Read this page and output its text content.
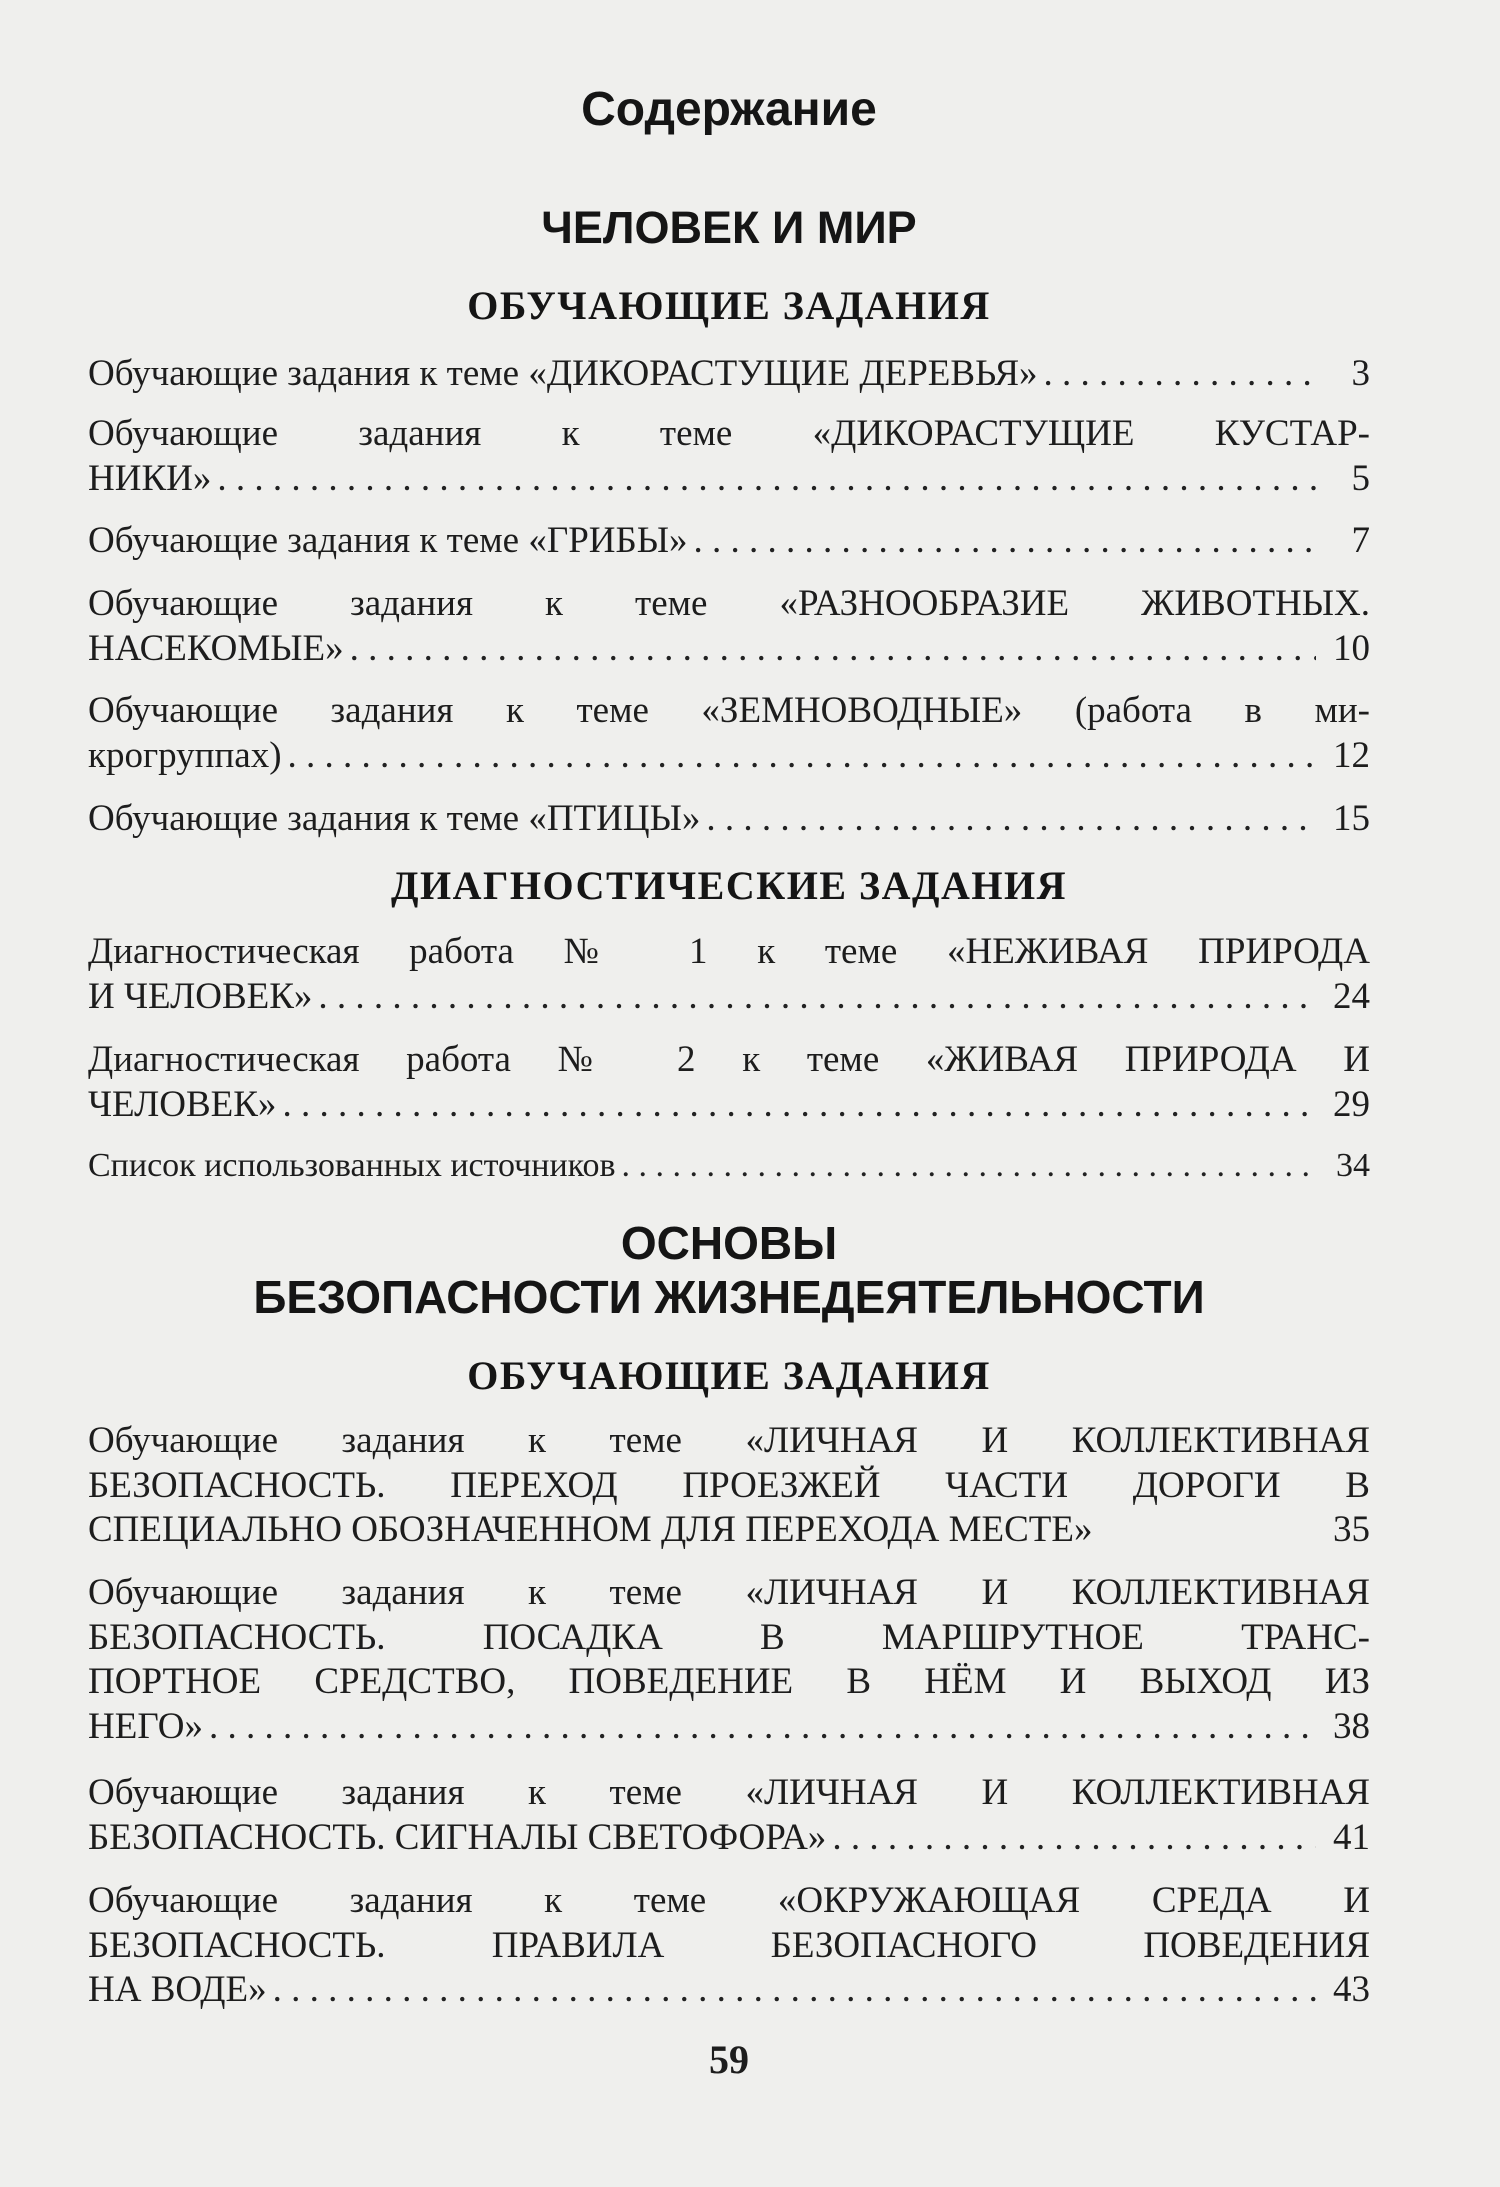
Содержание
ЧЕЛОВЕК И МИР
ОБУЧАЮЩИЕ ЗАДАНИЯ
Обучающие задания к теме «ДИКОРАСТУЩИЕ ДЕРЕВЬЯ» . . .	3
Обучающие задания к теме «ДИКОРАСТУЩИЕ КУСТАР-
НИКИ» . . .	5
Обучающие задания к теме «ГРИБЫ» . . .	7
Обучающие задания к теме «РАЗНООБРАЗИЕ ЖИВОТНЫХ.
НАСЕКОМЫЕ» . . .	10
Обучающие задания к теме «ЗЕМНОВОДНЫЕ» (работа в ми-
крогруппах) . . .	12
Обучающие задания к теме «ПТИЦЫ» . . .	15
ДИАГНОСТИЧЕСКИЕ ЗАДАНИЯ
Диагностическая работа № 1 к теме «НЕЖИВАЯ ПРИРОДА
И ЧЕЛОВЕК» . . .	24
Диагностическая работа № 2 к теме «ЖИВАЯ ПРИРОДА И
ЧЕЛОВЕК» . . .	29
Список использованных источников . . .	34
ОСНОВЫ
БЕЗОПАСНОСТИ ЖИЗНЕДЕЯТЕЛЬНОСТИ
ОБУЧАЮЩИЕ ЗАДАНИЯ
Обучающие задания к теме «ЛИЧНАЯ И КОЛЛЕКТИВНАЯ
БЕЗОПАСНОСТЬ. ПЕРЕХОД ПРОЕЗЖЕЙ ЧАСТИ ДОРОГИ В
СПЕЦИАЛЬНО ОБОЗНАЧЕННОМ ДЛЯ ПЕРЕХОДА МЕСТЕ»	35
Обучающие задания к теме «ЛИЧНАЯ И КОЛЛЕКТИВНАЯ
БЕЗОПАСНОСТЬ. ПОСАДКА В МАРШРУТНОЕ ТРАНС-
ПОРТНОЕ СРЕДСТВО, ПОВЕДЕНИЕ В НЁМ И ВЫХОД ИЗ
НЕГО» . . .	38
Обучающие задания к теме «ЛИЧНАЯ И КОЛЛЕКТИВНАЯ
БЕЗОПАСНОСТЬ. СИГНАЛЫ СВЕТОФОРА» . . .	41
Обучающие задания к теме «ОКРУЖАЮЩАЯ СРЕДА И
БЕЗОПАСНОСТЬ. ПРАВИЛА БЕЗОПАСНОГО ПОВЕДЕНИЯ
НА ВОДЕ» . . .	43
59
